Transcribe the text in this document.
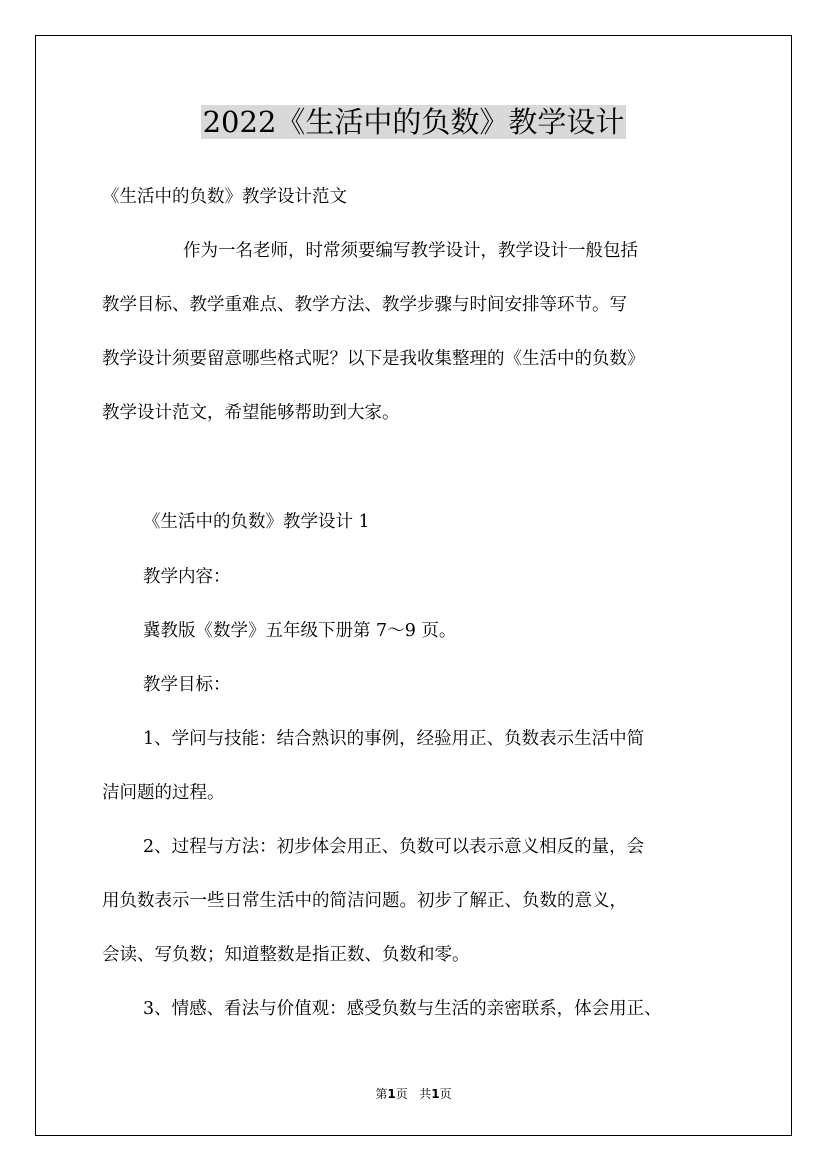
2022《生活中的负数》教学设计
《生活中的负数》教学设计范文
作为一名老师，时常须要编写教学设计，教学设计一般包括
教学目标、教学重难点、教学方法、教学步骤与时间安排等环节。写
教学设计须要留意哪些格式呢？以下是我收集整理的《生活中的负数》
教学设计范文，希望能够帮助到大家。
《生活中的负数》教学设计 1
教学内容：
冀教版《数学》五年级下册第 7～9 页。
教学目标：
1、学问与技能：结合熟识的事例，经验用正、负数表示生活中简
洁问题的过程。
2、过程与方法：初步体会用正、负数可以表示意义相反的量，会
用负数表示一些日常生活中的简洁问题。初步了解正、负数的意义，
会读、写负数；知道整数是指正数、负数和零。
3、情感、看法与价值观：感受负数与生活的亲密联系，体会用正、
第1页 共1页
